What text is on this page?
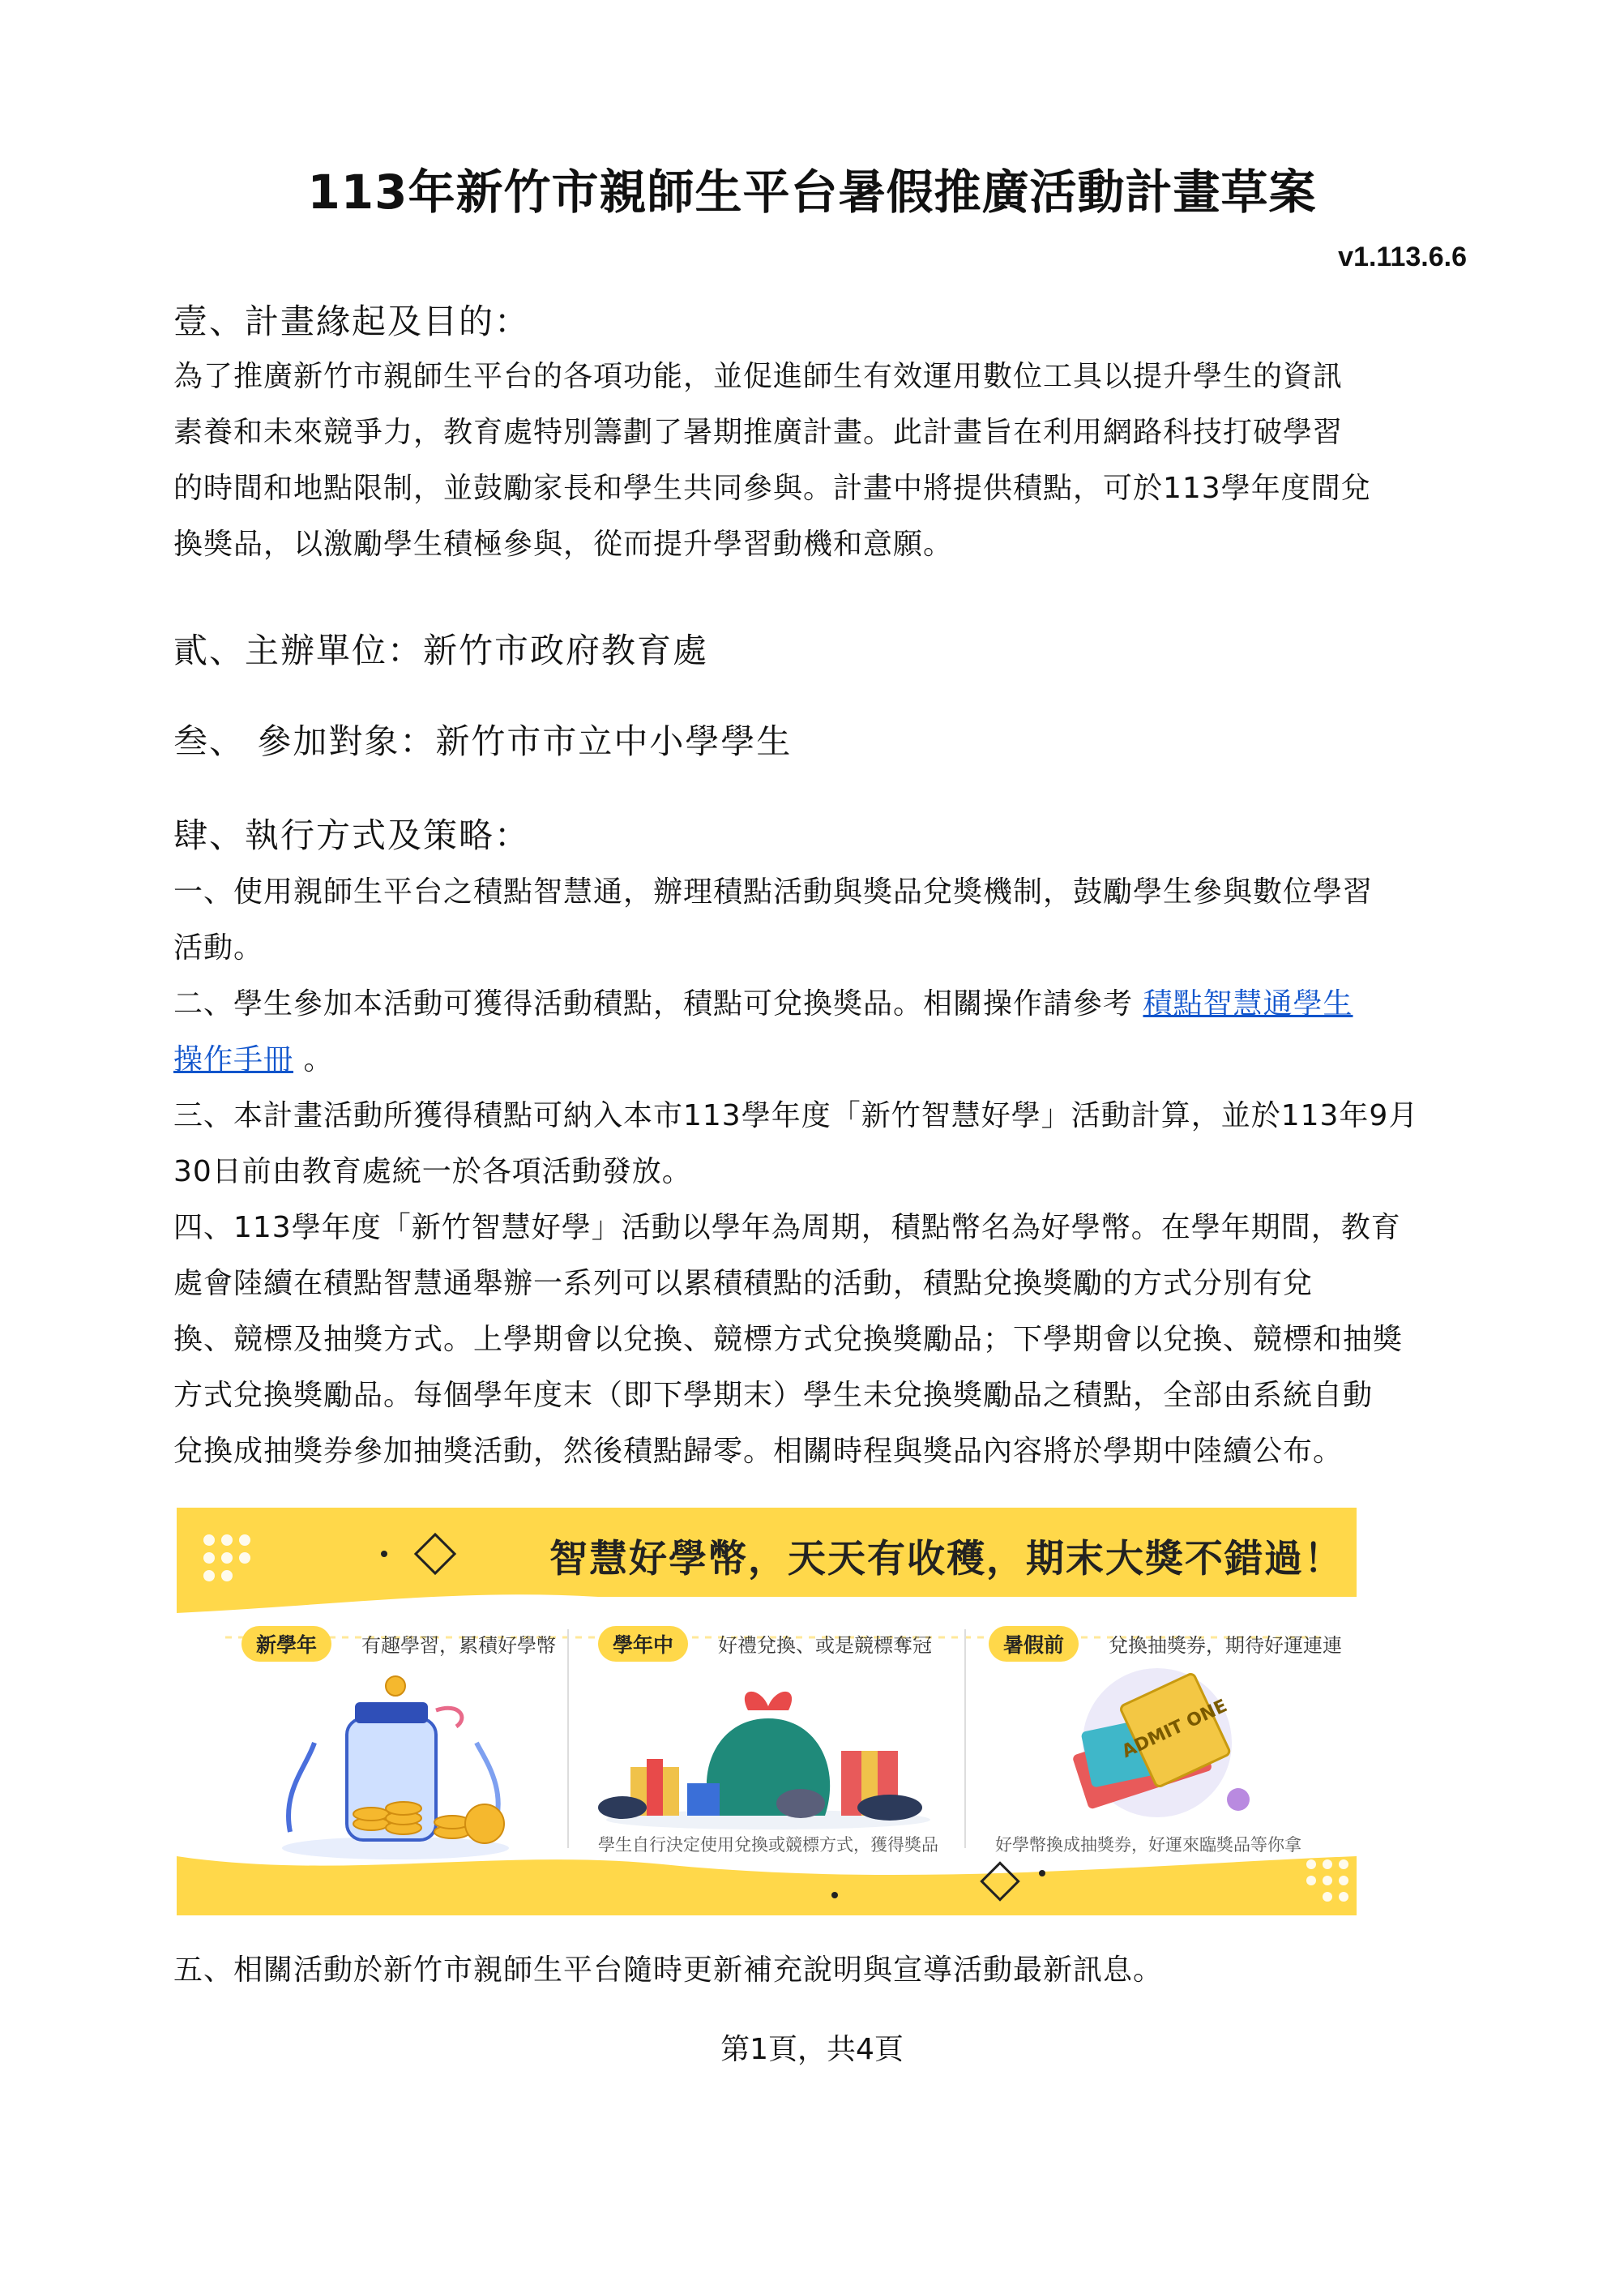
113年新竹市親師生平台暑假推廣活動計畫草案
v1.113.6.6
壹、計畫緣起及目的：
為了推廣新竹市親師生平台的各項功能，並促進師生有效運用數位工具以提升學生的資訊
素養和未來競爭力，教育處特別籌劃了暑期推廣計畫。此計畫旨在利用網路科技打破學習
的時間和地點限制，並鼓勵家長和學生共同參與。計畫中將提供積點，可於113學年度間兌
換獎品，以激勵學生積極參與，從而提升學習動機和意願。
貳、主辦單位：新竹市政府教育處
叁、 參加對象：新竹市市立中小學學生
肆、執行方式及策略：
一、使用親師生平台之積點智慧通，辦理積點活動與獎品兌獎機制，鼓勵學生參與數位學習
活動。
二、學生參加本活動可獲得活動積點，積點可兌換獎品。相關操作請參考 積點智慧通學生
操作手冊 。
三、本計畫活動所獲得積點可納入本市113學年度「新竹智慧好學」活動計算，並於113年9月
30日前由教育處統一於各項活動發放。
四、113學年度「新竹智慧好學」活動以學年為周期，積點幣名為好學幣。在學年期間，教育
處會陸續在積點智慧通舉辦一系列可以累積積點的活動，積點兌換獎勵的方式分別有兌
換、競標及抽獎方式。上學期會以兌換、競標方式兌換獎勵品；下學期會以兌換、競標和抽獎
方式兌換獎勵品。每個學年度末（即下學期末）學生未兌換獎勵品之積點，全部由系統自動
兌換成抽獎券參加抽獎活動，然後積點歸零。相關時程與獎品內容將於學期中陸續公布。
智慧好學幣，天天有收穫，期末大獎不錯過！
新學年	有趣學習，累積好學幣	學年中	好禮兌換、或是競標奪冠
學生自行決定使用兌換或競標方式，獲得獎品
暑假前	兌換抽獎券，期待好運連連
ADMIT ONE
好學幣換成抽獎券，好運來臨獎品等你拿
五、相關活動於新竹市親師生平台隨時更新補充說明與宣導活動最新訊息。
第1頁，共4頁
